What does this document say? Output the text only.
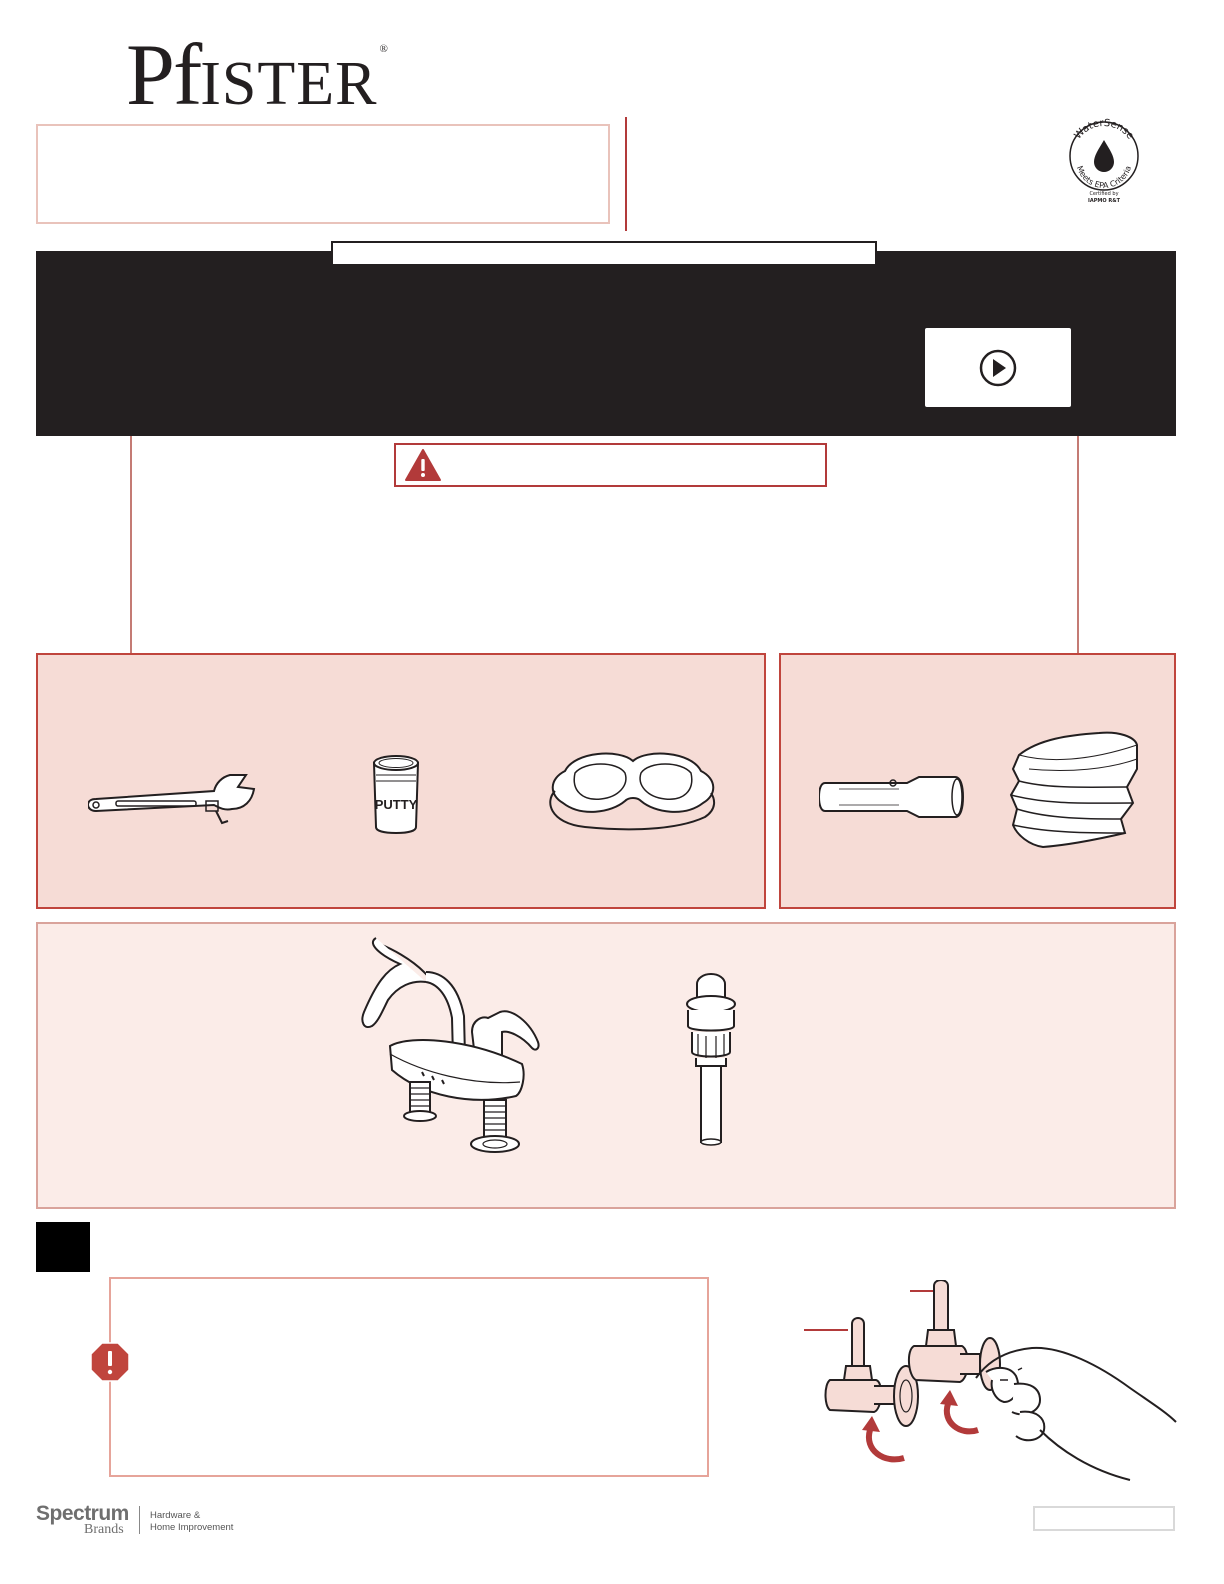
PfISTER®
WaterSense
Meets EPA Criteria
Certified by
IAPMO R&T
PUTTY
Spectrum
Brands
Hardware &
Home Improvement
